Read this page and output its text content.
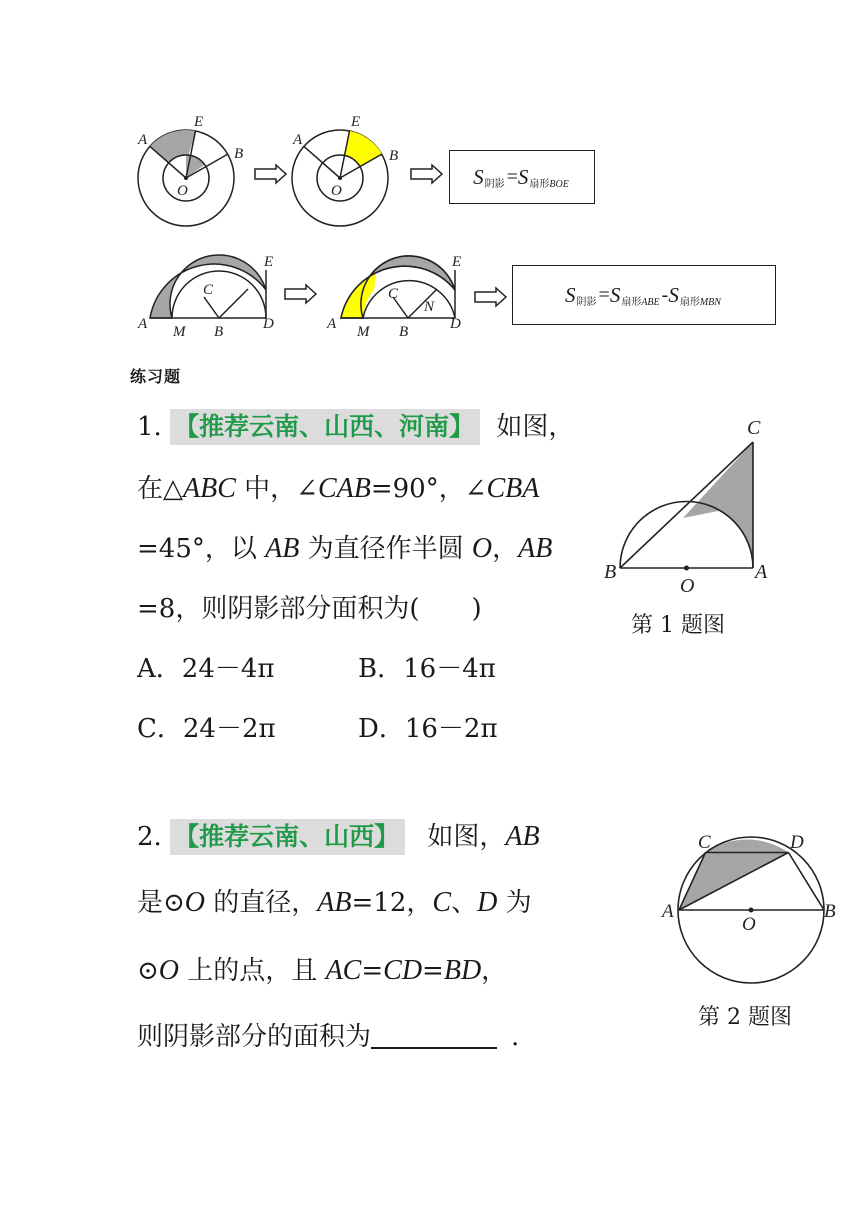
A
E
B
O
A
E
B
O
S 阴影 = S 扇形BOE
A M B
C
D
E
A M B
C
N
D
E
S 阴影 = S 扇形ABE - S 扇形MBN
练习题
1. 【推荐云南、山西、河南】 如图，
在△ABC 中，∠CAB=90°，∠CBA
=45°，以 AB 为直径作半圆 O，AB
=8，则阴影部分面积为(　　)
A．24－4π	B．16－4π
C．24－2π	D．16－2π
C
B
O
A
第 1 题图
2. 【推荐云南、山西】 如图，AB
是⊙O 的直径，AB=12，C、D 为
⊙O 上的点，且 AC=CD=BD，
则阴影部分的面积为	.
C	D
A	B
O
第 2 题图
